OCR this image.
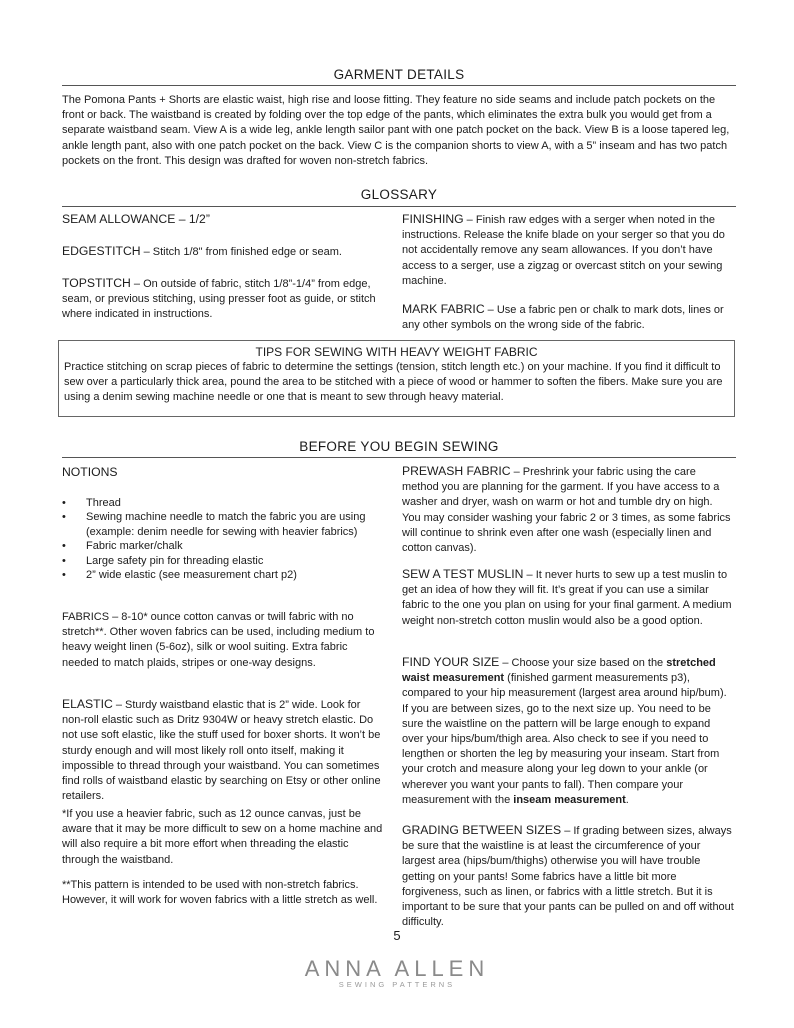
GARMENT DETAILS

The Pomona Pants + Shorts are elastic waist, high rise and loose fitting. They feature no side seams and include patch pockets on the front or back. The waistband is created by folding over the top edge of the pants, which eliminates the extra bulk you would get from a separate waistband seam. View A is a wide leg, ankle length sailor pant with one patch pocket on the back. View B is a loose tapered leg, ankle length pant, also with one patch pocket on the back. View C is the companion shorts to view A, with a 5” inseam and has two patch pockets on the front. This design was drafted for woven non-stretch fabrics.

GLOSSARY

SEAM ALLOWANCE – 1/2”

EDGESTITCH – Stitch 1/8" from finished edge or seam.

TOPSTITCH – On outside of fabric, stitch 1/8”-1/4” from edge, seam, or previous stitching, using presser foot as guide, or stitch where indicated in instructions.

FINISHING – Finish raw edges with a serger when noted in the instructions. Release the knife blade on your serger so that you do not accidentally remove any seam allowances. If you don’t have access to a serger, use a zigzag or overcast stitch on your sewing machine.

MARK FABRIC – Use a fabric pen or chalk to mark dots, lines or any other symbols on the wrong side of the fabric.

TIPS FOR SEWING WITH HEAVY WEIGHT FABRIC

Practice stitching on scrap pieces of fabric to determine the settings (tension, stitch length etc.) on your machine. If you find it difficult to sew over a particularly thick area, pound the area to be stitched with a piece of wood or hammer to soften the fibers. Make sure you are using a denim sewing machine needle or one that is meant to sew through heavy material.

BEFORE YOU BEGIN SEWING

NOTIONS

• Thread
• Sewing machine needle to match the fabric you are using (example: denim needle for sewing with heavier fabrics)
• Fabric marker/chalk
• Large safety pin for threading elastic
• 2” wide elastic (see measurement chart p2)

FABRICS – 8-10* ounce cotton canvas or twill fabric with no stretch**. Other woven fabrics can be used, including medium to heavy weight linen (5-6oz), silk or wool suiting. Extra fabric needed to match plaids, stripes or one-way designs.

ELASTIC – Sturdy waistband elastic that is 2” wide. Look for non-roll elastic such as Dritz 9304W or heavy stretch elastic. Do not use soft elastic, like the stuff used for boxer shorts. It won’t be sturdy enough and will most likely roll onto itself, making it impossible to thread through your waistband. You can sometimes find rolls of waistband elastic by searching on Etsy or other online retailers.

*If you use a heavier fabric, such as 12 ounce canvas, just be aware that it may be more difficult to sew on a home machine and will also require a bit more effort when threading the elastic through the waistband.

**This pattern is intended to be used with non-stretch fabrics. However, it will work for woven fabrics with a little stretch as well.

PREWASH FABRIC – Preshrink your fabric using the care method you are planning for the garment. If you have access to a washer and dryer, wash on warm or hot and tumble dry on high. You may consider washing your fabric 2 or 3 times, as some fabrics will continue to shrink even after one wash (especially linen and cotton canvas).

SEW A TEST MUSLIN – It never hurts to sew up a test muslin to get an idea of how they will fit. It’s great if you can use a similar fabric to the one you plan on using for your final garment. A medium weight non-stretch cotton muslin would also be a good option.

FIND YOUR SIZE – Choose your size based on the stretched waist measurement (finished garment measurements p3), compared to your hip measurement (largest area around hip/bum). If you are between sizes, go to the next size up. You need to be sure the waistline on the pattern will be large enough to expand over your hips/bum/thigh area. Also check to see if you need to lengthen or shorten the leg by measuring your inseam. Start from your crotch and measure along your leg down to your ankle (or wherever you want your pants to fall). Then compare your measurement with the inseam measurement.

GRADING BETWEEN SIZES – If grading between sizes, always be sure that the waistline is at least the circumference of your largest area (hips/bum/thighs) otherwise you will have trouble getting on your pants! Some fabrics have a little bit more forgiveness, such as linen, or fabrics with a little stretch. But it is important to be sure that your pants can be pulled on and off without difficulty.

5
ANNA ALLEN
SEWING PATTERNS
